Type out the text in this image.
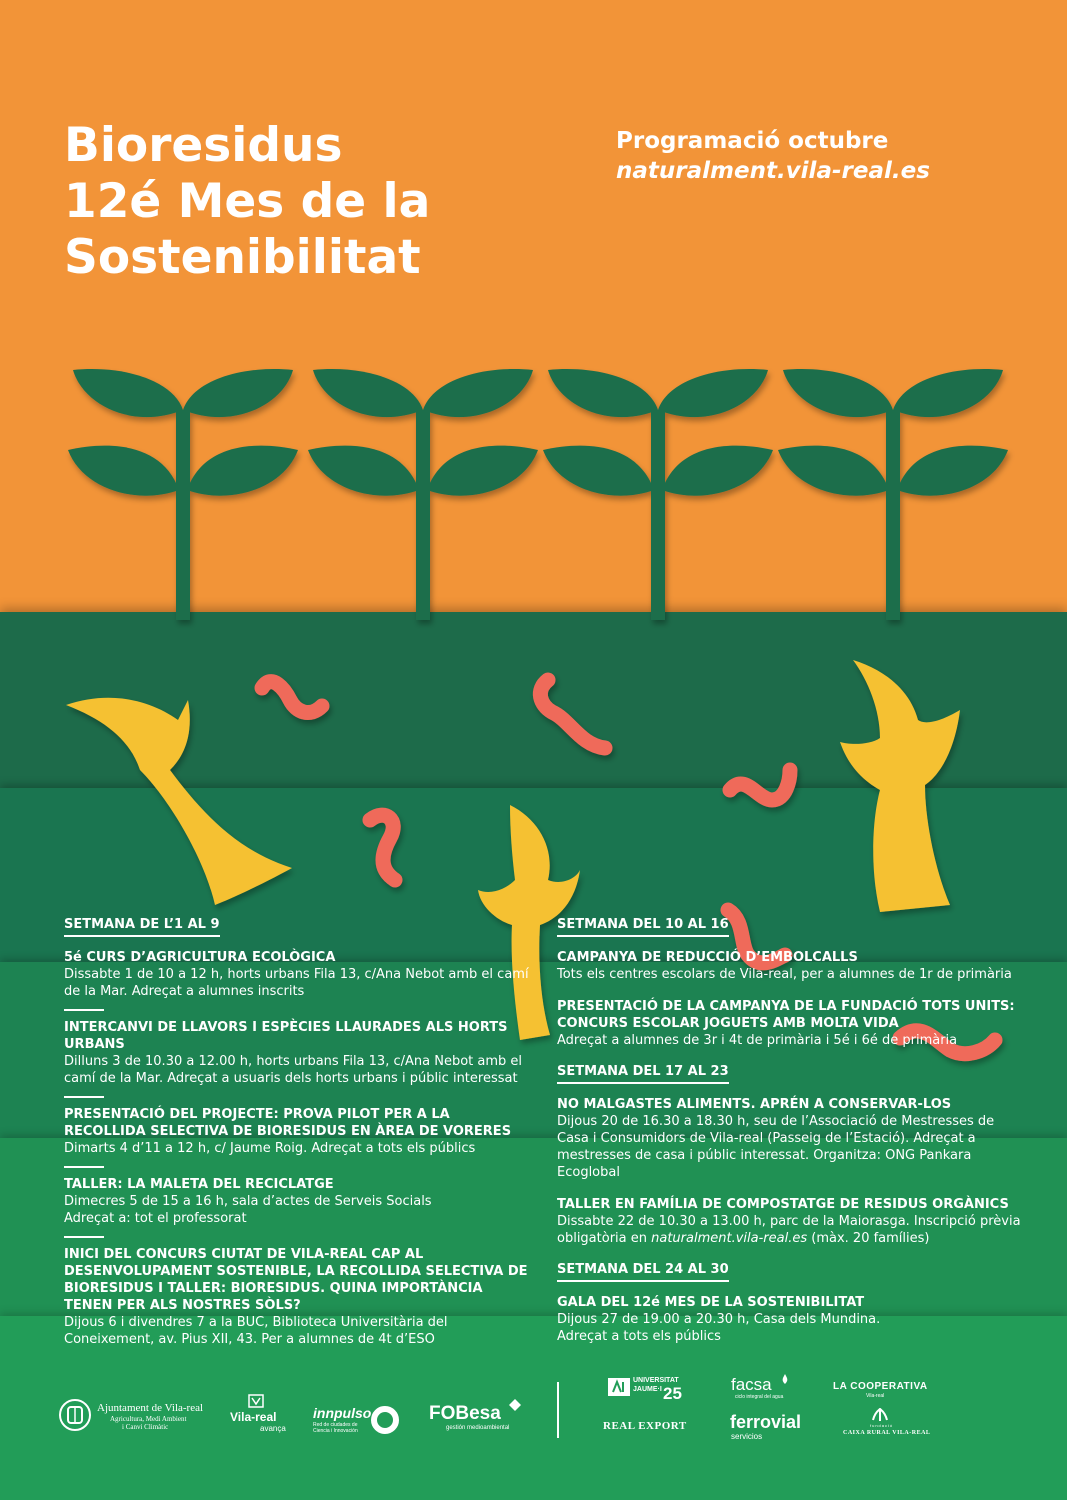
Bioresidus
12é Mes de la
Sostenibilitat
Programació octubre
naturalment.vila-real.es
SETMANA DE L’1 AL 9
5é CURS D’AGRICULTURA ECOLÒGICA
Dissabte 1 de 10 a 12 h, horts urbans Fila 13, c/Ana Nebot amb el camí de la Mar. Adreçat a alumnes inscrits
INTERCANVI DE LLAVORS I ESPÈCIES LLAURADES ALS HORTS URBANS
Dilluns 3 de 10.30 a 12.00 h, horts urbans Fila 13, c/Ana Nebot amb el camí de la Mar. Adreçat a usuaris dels horts urbans i públic interessat
PRESENTACIÓ DEL PROJECTE: PROVA PILOT PER A LA RECOLLIDA SELECTIVA DE BIORESIDUS EN ÀREA DE VORERES
Dimarts 4 d’11 a 12 h, c/ Jaume Roig. Adreçat a tots els públics
TALLER: LA MALETA DEL RECICLATGE
Dimecres 5 de 15 a 16 h, sala d’actes de Serveis Socials
Adreçat a: tot el professorat
INICI DEL CONCURS CIUTAT DE VILA-REAL CAP AL DESENVOLUPAMENT SOSTENIBLE, LA RECOLLIDA SELECTIVA DE BIORESIDUS I TALLER: BIORESIDUS. QUINA IMPORTÀNCIA TENEN PER ALS NOSTRES SÒLS?
Dijous 6 i divendres 7 a la BUC, Biblioteca Universitària del Coneixement, av. Pius XII, 43. Per a alumnes de 4t d’ESO
SETMANA DEL 10 AL 16
CAMPANYA DE REDUCCIÓ D’EMBOLCALLS
Tots els centres escolars de Vila-real, per a alumnes de 1r de primària
PRESENTACIÓ DE LA CAMPANYA DE LA FUNDACIÓ TOTS UNITS: CONCURS ESCOLAR JOGUETS AMB MOLTA VIDA
Adreçat a alumnes de 3r i 4t de primària i 5é i 6é de primària
SETMANA DEL 17 AL 23
NO MALGASTES ALIMENTS. APRÉN A CONSERVAR-LOS
Dijous 20 de 16.30 a 18.30 h, seu de l’Associació de Mestresses de Casa i Consumidors de Vila-real (Passeig de l’Estació). Adreçat a mestresses de casa i públic interessat. Organitza: ONG Pankara Ecoglobal
TALLER EN FAMÍLIA DE COMPOSTATGE DE RESIDUS ORGÀNICS
Dissabte 22 de 10.30 a 13.00 h, parc de la Maiorasga. Inscripció prèvia obligatòria en naturalment.vila-real.es (màx. 20 famílies)
SETMANA DEL 24 AL 30
GALA DEL 12é MES DE LA SOSTENIBILITAT
Dijous 27 de 19.00 a 20.30 h, Casa dels Mundina.
Adreçat a tots els públics
Ajuntament de Vila-real
Agricultura, Medi Ambient
i Canvi Climàtic
Vila-real
avança
innpulso
Red de ciudades de Ciencia i Innovación
FOBesa
gestión medioambiental
UNIVERSITAT
JAUME·I 25
REAL EXPORT
facsa
ciclo integral del agua
ferrovial
servicios
LA COOPERATIVA
Vila-real
fundació
CAIXA RURAL VILA-REAL
